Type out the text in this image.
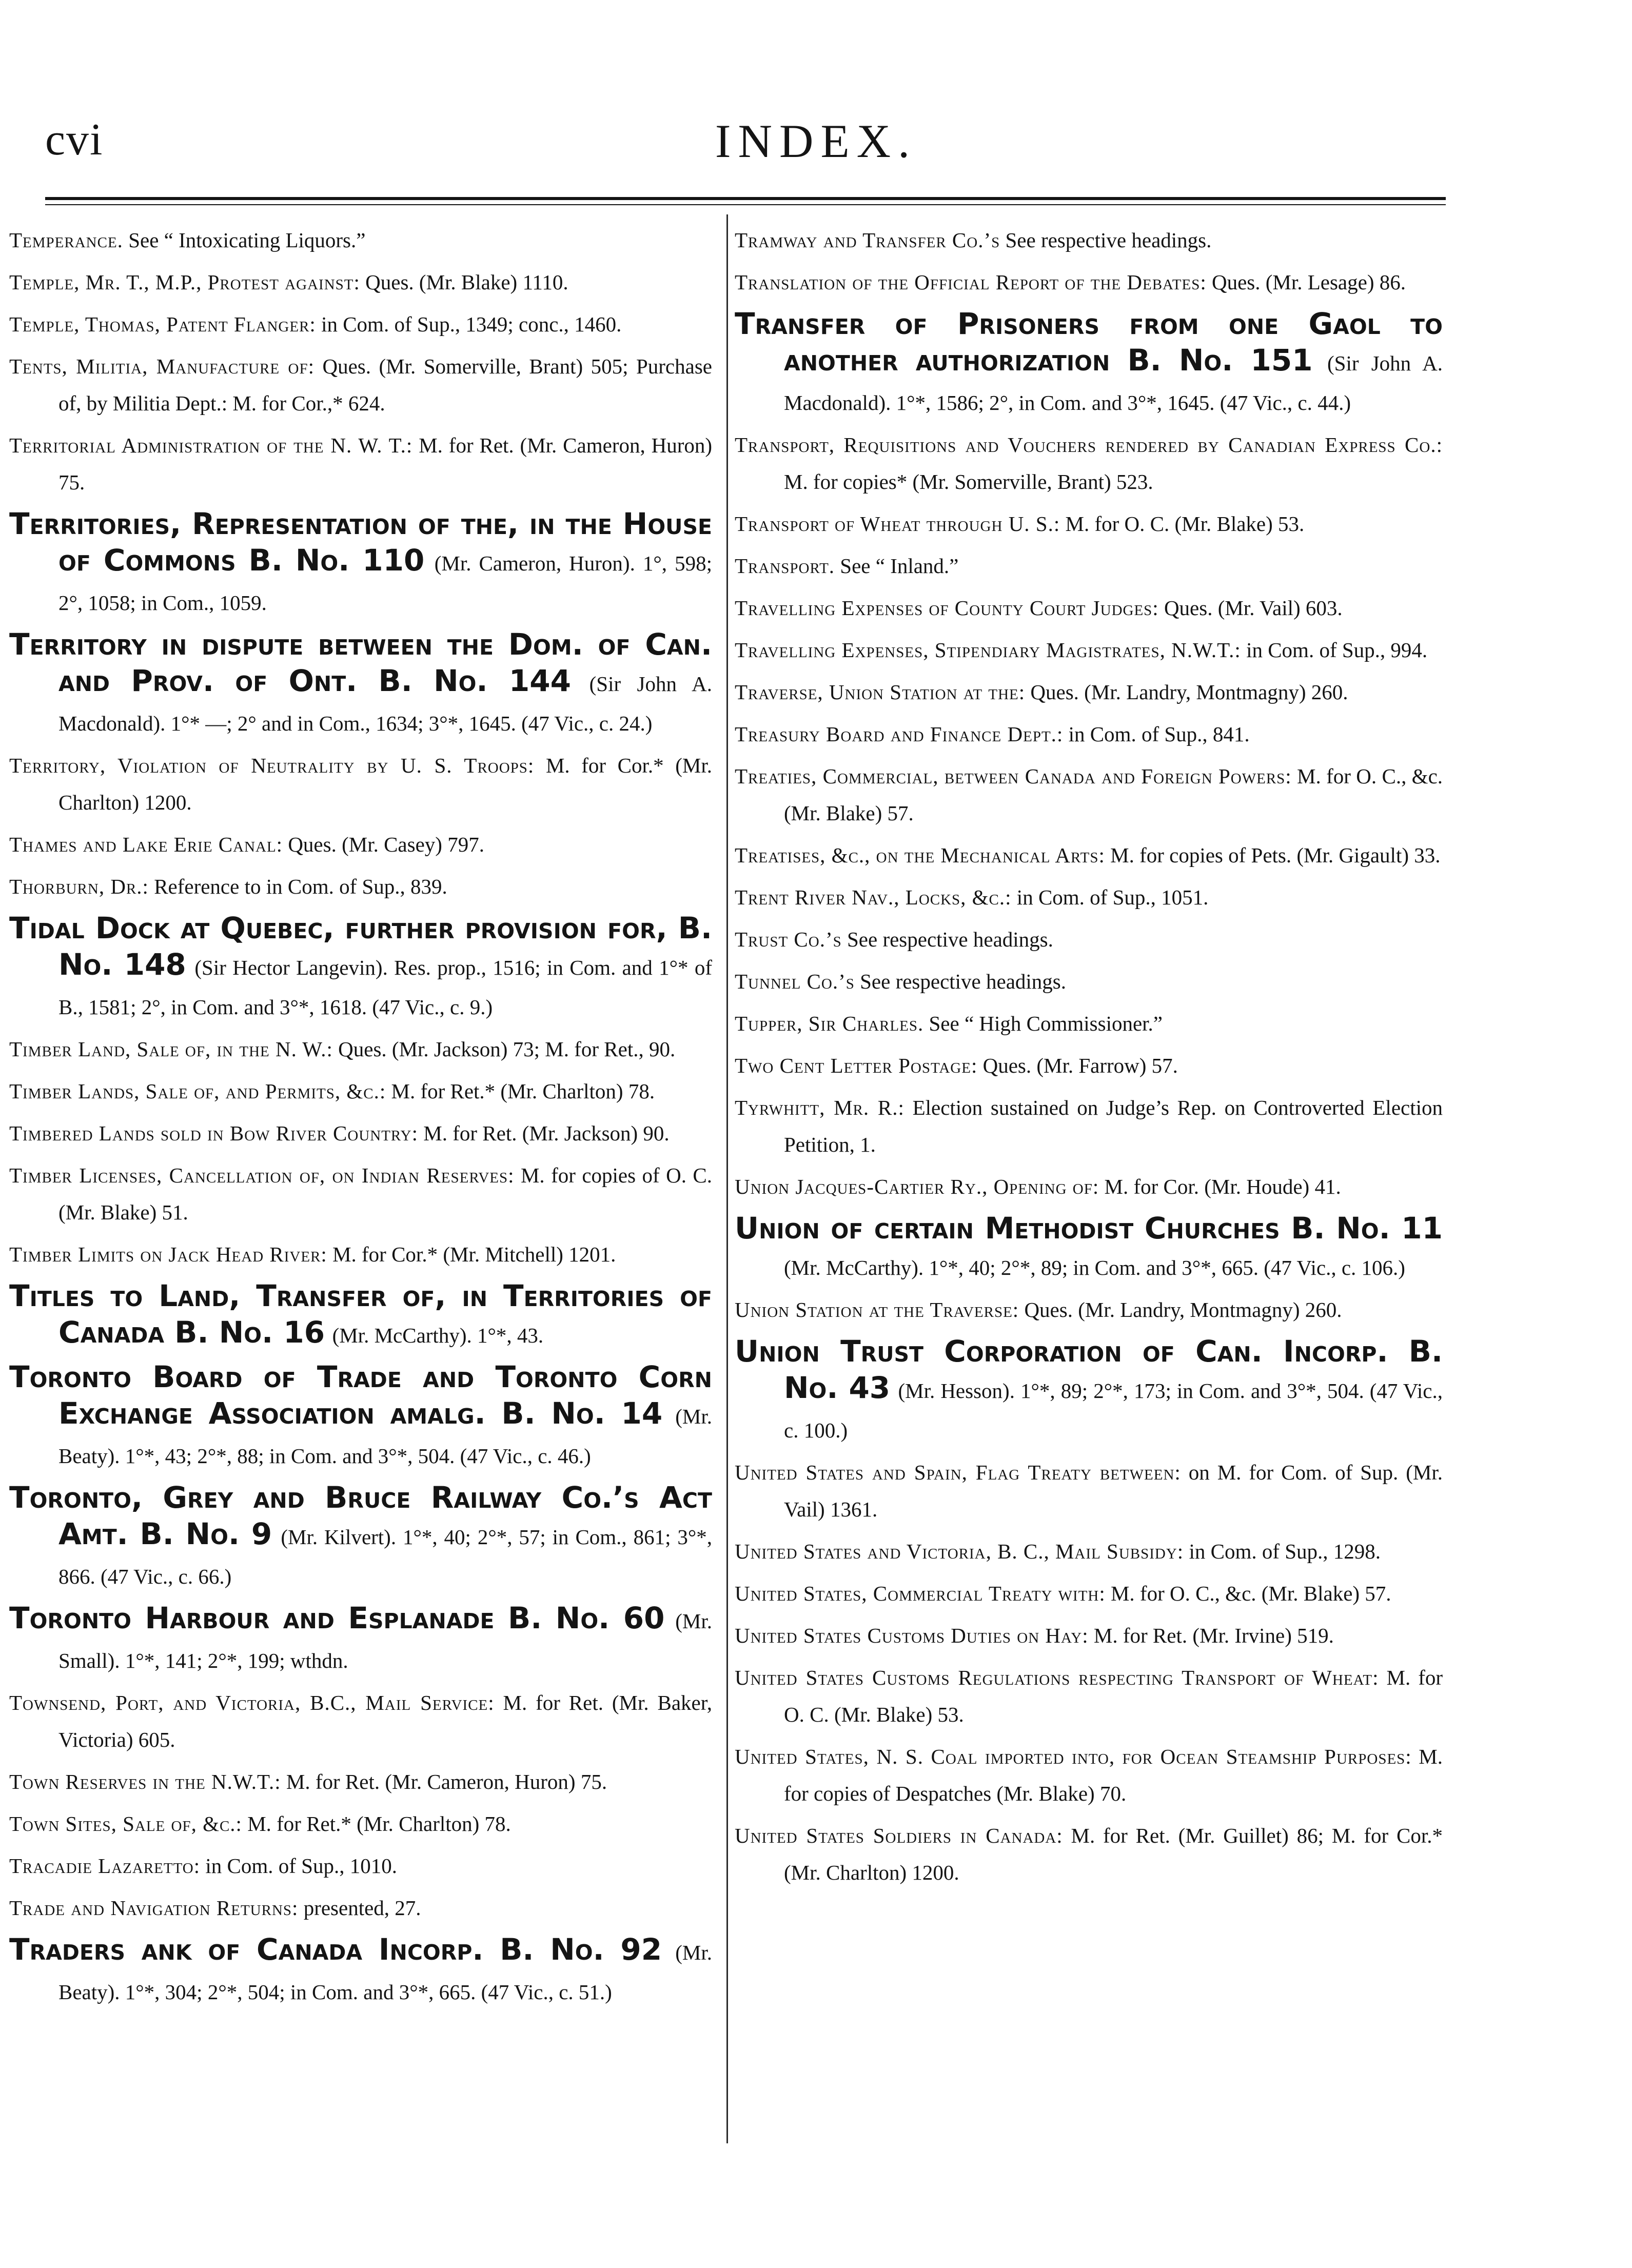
cvi	INDEX.

Temperance. See “ Intoxicating Liquors.”

Temple, Mr. T., M.P., Protest against: Ques. (Mr. Blake) 1110.

Temple, Thomas, Patent Flanger: in Com. of Sup., 1349; conc., 1460.

Tents, Militia, Manufacture of: Ques. (Mr. Somerville, Brant) 505; Purchase of, by Militia Dept.: M. for Cor.,* 624.

Territorial Administration of the N. W. T.: M. for Ret. (Mr. Cameron, Huron) 75.

Territories, Representation of the, in the House of Commons B. No. 110 (Mr. Cameron, Huron). 1°, 598; 2°, 1058; in Com., 1059.

Territory in dispute between the Dom. of Can. and Prov. of Ont. B. No. 144 (Sir John A. Macdonald). 1°* —; 2° and in Com., 1634; 3°*, 1645. (47 Vic., c. 24.)

Territory, Violation of Neutrality by U. S. Troops: M. for Cor.* (Mr. Charlton) 1200.

Thames and Lake Erie Canal: Ques. (Mr. Casey) 797.

Thorburn, Dr.: Reference to in Com. of Sup., 839.

Tidal Dock at Quebec, further provision for, B. No. 148 (Sir Hector Langevin). Res. prop., 1516; in Com. and 1°* of B., 1581; 2°, in Com. and 3°*, 1618. (47 Vic., c. 9.)

Timber Land, Sale of, in the N. W.: Ques. (Mr. Jackson) 73; M. for Ret., 90.

Timber Lands, Sale of, and Permits, &c.: M. for Ret.* (Mr. Charlton) 78.

Timbered Lands sold in Bow River Country: M. for Ret. (Mr. Jackson) 90.

Timber Licenses, Cancellation of, on Indian Reserves: M. for copies of O. C. (Mr. Blake) 51.

Timber Limits on Jack Head River: M. for Cor.* (Mr. Mitchell) 1201.

Titles to Land, Transfer of, in Territories of Canada B. No. 16 (Mr. McCarthy). 1°*, 43.

Toronto Board of Trade and Toronto Corn Exchange Association amalg. B. No. 14 (Mr. Beaty). 1°*, 43; 2°*, 88; in Com. and 3°*, 504. (47 Vic., c. 46.)

Toronto, Grey and Bruce Railway Co.’s Act Amt. B. No. 9 (Mr. Kilvert). 1°*, 40; 2°*, 57; in Com., 861; 3°*, 866. (47 Vic., c. 66.)

Toronto Harbour and Esplanade B. No. 60 (Mr. Small). 1°*, 141; 2°*, 199; wthdn.

Townsend, Port, and Victoria, B.C., Mail Service: M. for Ret. (Mr. Baker, Victoria) 605.

Town Reserves in the N.W.T.: M. for Ret. (Mr. Cameron, Huron) 75.

Town Sites, Sale of, &c.: M. for Ret.* (Mr. Charlton) 78.

Tracadie Lazaretto: in Com. of Sup., 1010.

Trade and Navigation Returns: presented, 27.

Traders ank of Canada Incorp. B. No. 92 (Mr. Beaty). 1°*, 304; 2°*, 504; in Com. and 3°*, 665. (47 Vic., c. 51.)

Tramway and Transfer Co.’s See respective headings.

Translation of the Official Report of the Debates: Ques. (Mr. Lesage) 86.

Transfer of Prisoners from one Gaol to another authorization B. No. 151 (Sir John A. Macdonald). 1°*, 1586; 2°, in Com. and 3°*, 1645. (47 Vic., c. 44.)

Transport, Requisitions and Vouchers rendered by Canadian Express Co.: M. for copies* (Mr. Somerville, Brant) 523.

Transport of Wheat through U. S.: M. for O. C. (Mr. Blake) 53.

Transport. See “ Inland.”

Travelling Expenses of County Court Judges: Ques. (Mr. Vail) 603.

Travelling Expenses, Stipendiary Magistrates, N.W.T.: in Com. of Sup., 994.

Traverse, Union Station at the: Ques. (Mr. Landry, Montmagny) 260.

Treasury Board and Finance Dept.: in Com. of Sup., 841.

Treaties, Commercial, between Canada and Foreign Powers: M. for O. C., &c. (Mr. Blake) 57.

Treatises, &c., on the Mechanical Arts: M. for copies of Pets. (Mr. Gigault) 33.

Trent River Nav., Locks, &c.: in Com. of Sup., 1051.

Trust Co.’s See respective headings.

Tunnel Co.’s See respective headings.

Tupper, Sir Charles. See “ High Commissioner.”

Two Cent Letter Postage: Ques. (Mr. Farrow) 57.

Tyrwhitt, Mr. R.: Election sustained on Judge’s Rep. on Controverted Election Petition, 1.

Union Jacques-Cartier Ry., Opening of: M. for Cor. (Mr. Houde) 41.

Union of certain Methodist Churches B. No. 11 (Mr. McCarthy). 1°*, 40; 2°*, 89; in Com. and 3°*, 665. (47 Vic., c. 106.)

Union Station at the Traverse: Ques. (Mr. Landry, Montmagny) 260.

Union Trust Corporation of Can. Incorp. B. No. 43 (Mr. Hesson). 1°*, 89; 2°*, 173; in Com. and 3°*, 504. (47 Vic., c. 100.)

United States and Spain, Flag Treaty between: on M. for Com. of Sup. (Mr. Vail) 1361.

United States and Victoria, B. C., Mail Subsidy: in Com. of Sup., 1298.

United States, Commercial Treaty with: M. for O. C., &c. (Mr. Blake) 57.

United States Customs Duties on Hay: M. for Ret. (Mr. Irvine) 519.

United States Customs Regulations respecting Transport of Wheat: M. for O. C. (Mr. Blake) 53.

United States, N. S. Coal imported into, for Ocean Steamship Purposes: M. for copies of Despatches (Mr. Blake) 70.

United States Soldiers in Canada: M. for Ret. (Mr. Guillet) 86; M. for Cor.* (Mr. Charlton) 1200.
